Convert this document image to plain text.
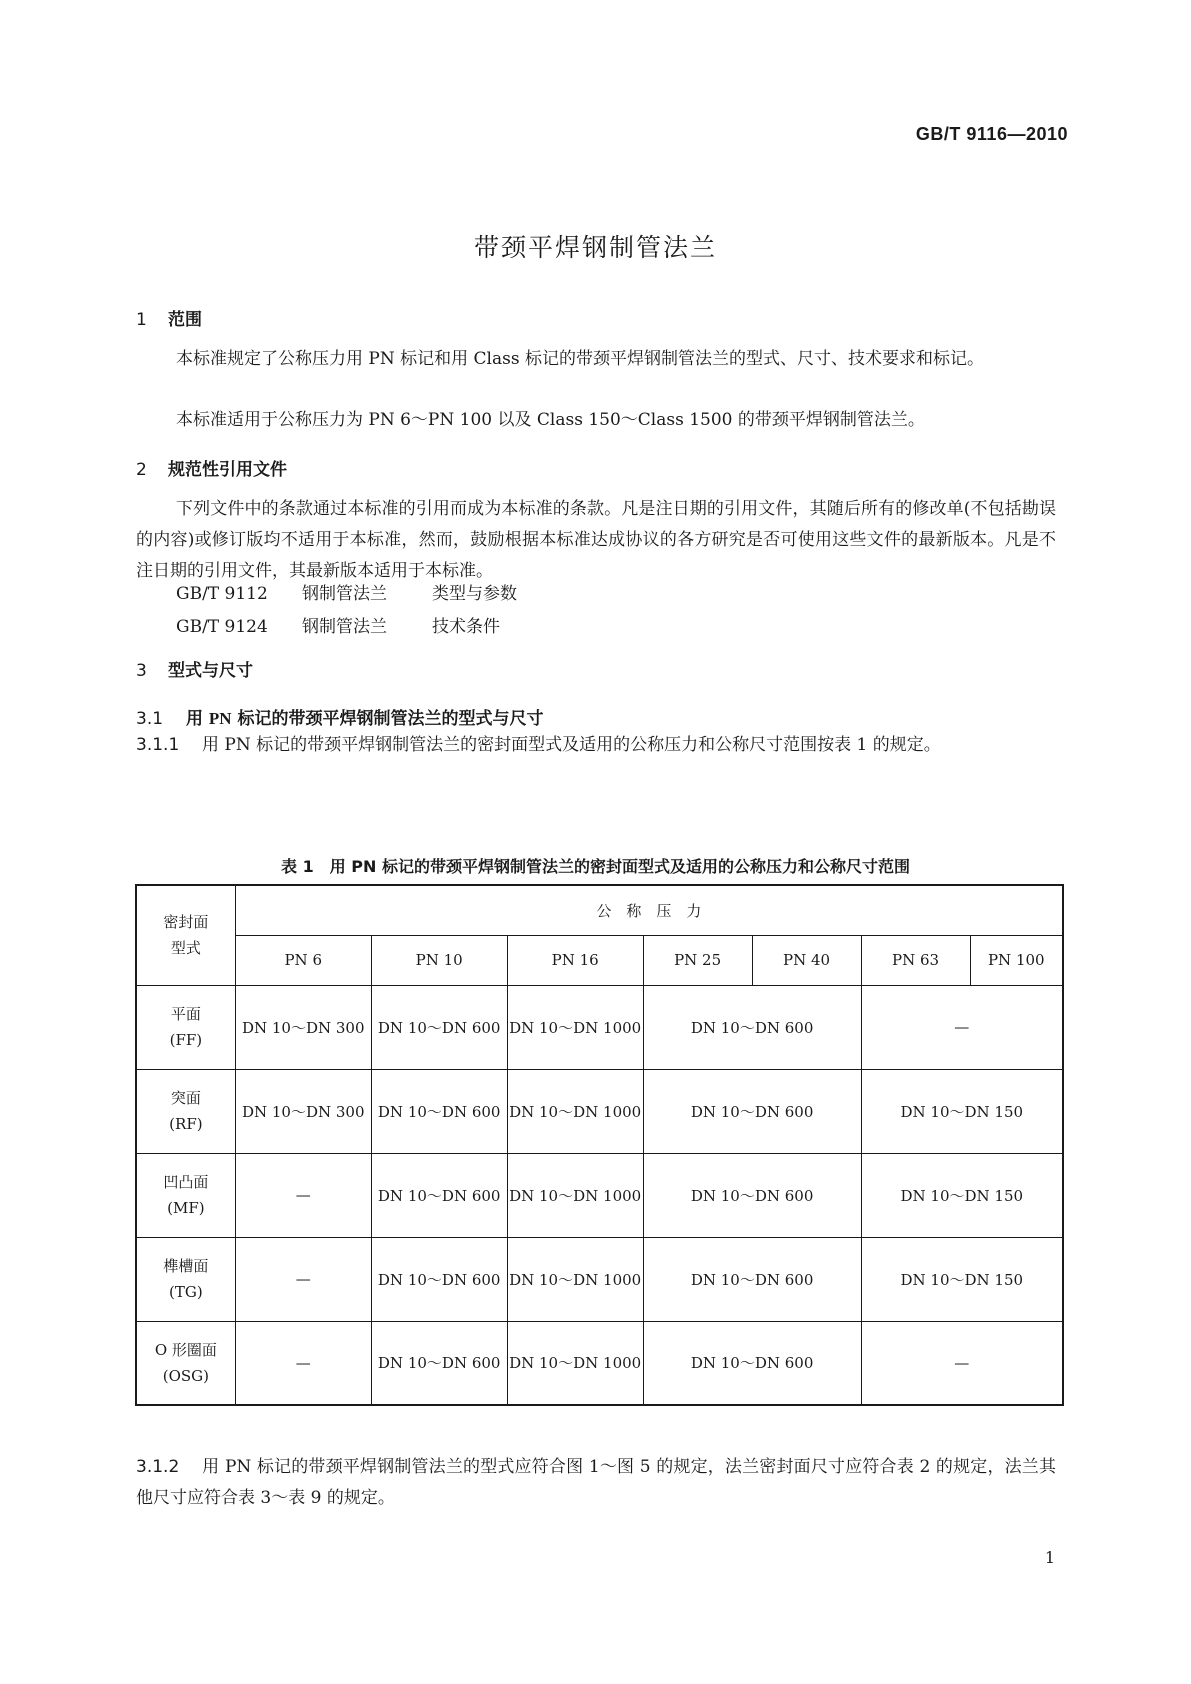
GB/T 9116—2010
带颈平焊钢制管法兰
1 范围
本标准规定了公称压力用 PN 标记和用 Class 标记的带颈平焊钢制管法兰的型式、尺寸、技术要求和标记。
本标准适用于公称压力为 PN 6～PN 100 以及 Class 150～Class 1500 的带颈平焊钢制管法兰。
2 规范性引用文件
下列文件中的条款通过本标准的引用而成为本标准的条款。凡是注日期的引用文件，其随后所有的修改单(不包括勘误的内容)或修订版均不适用于本标准，然而，鼓励根据本标准达成协议的各方研究是否可使用这些文件的最新版本。凡是不注日期的引用文件，其最新版本适用于本标准。
GB/T 9112 钢制管法兰	类型与参数
GB/T 9124 钢制管法兰	技术条件
3 型式与尺寸
3.1 用 PN 标记的带颈平焊钢制管法兰的型式与尺寸
3.1.1 用 PN 标记的带颈平焊钢制管法兰的密封面型式及适用的公称压力和公称尺寸范围按表 1 的规定。
表 1　用 PN 标记的带颈平焊钢制管法兰的密封面型式及适用的公称压力和公称尺寸范围
密封面
型式	公　称　压　力						
	PN 6	PN 10	PN 16	PN 25	PN 40	PN 63	PN 100

平面
(FF)	DN 10～DN 300	DN 10～DN 600	DN 10～DN 1000	DN 10～DN 600		—	

突面
(RF)	DN 10～DN 300	DN 10～DN 600	DN 10～DN 1000	DN 10～DN 600		DN 10～DN 150	

凹凸面
(MF)	—	DN 10～DN 600	DN 10～DN 1000	DN 10～DN 600		DN 10～DN 150	

榫槽面
(TG)	—	DN 10～DN 600	DN 10～DN 1000	DN 10～DN 600		DN 10～DN 150	

O 形圈面
(OSG)	—	DN 10～DN 600	DN 10～DN 1000	DN 10～DN 600		—	
3.1.2 用 PN 标记的带颈平焊钢制管法兰的型式应符合图 1～图 5 的规定，法兰密封面尺寸应符合表 2 的规定，法兰其他尺寸应符合表 3～表 9 的规定。
1
